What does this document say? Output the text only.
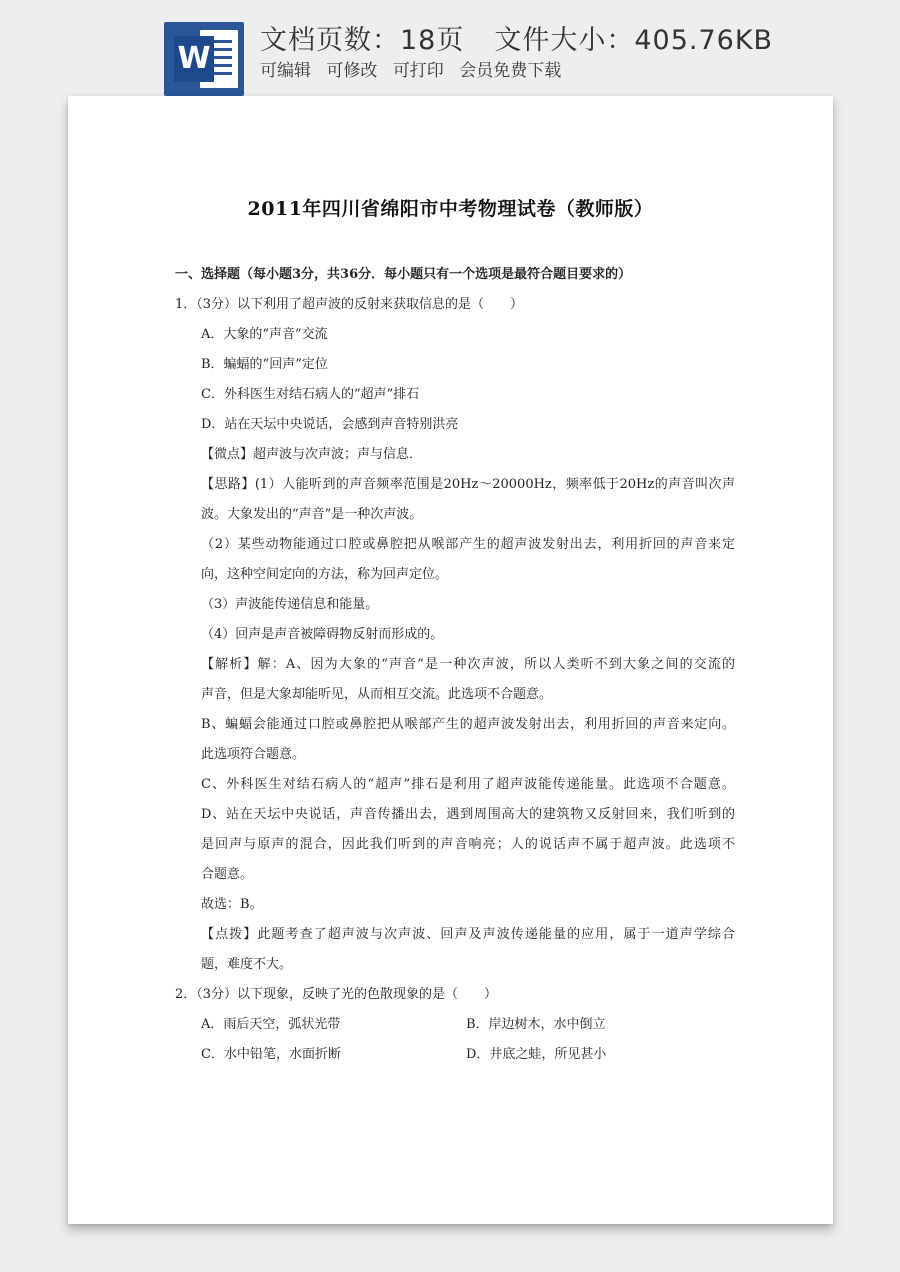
W
文档页数：18页 文件大小：405.76KB
可编辑 可修改 可打印 会员免费下载
2011年四川省绵阳市中考物理试卷（教师版）
一、选择题（每小题3分，共36分．每小题只有一个选项是最符合题目要求的）
1．（3分）以下利用了超声波的反射来获取信息的是（　　）
A．大象的“声音”交流
B．蝙蝠的“回声”定位
C．外科医生对结石病人的“超声”排石
D．站在天坛中央说话，会感到声音特别洪亮
【微点】超声波与次声波；声与信息．
【思路】(1）人能听到的声音频率范围是20Hz～20000Hz，频率低于20Hz的声音叫次声
波。大象发出的“声音”是一种次声波。
（2）某些动物能通过口腔或鼻腔把从喉部产生的超声波发射出去，利用折回的声音来定
向，这种空间定向的方法，称为回声定位。
（3）声波能传递信息和能量。
（4）回声是声音被障碍物反射而形成的。
【解析】解：A、因为大象的“声音”是一种次声波，所以人类听不到大象之间的交流的
声音，但是大象却能听见，从而相互交流。此选项不合题意。
B、蝙蝠会能通过口腔或鼻腔把从喉部产生的超声波发射出去，利用折回的声音来定向。
此选项符合题意。
C、外科医生对结石病人的“超声”排石是利用了超声波能传递能量。此选项不合题意。
D、站在天坛中央说话，声音传播出去，遇到周围高大的建筑物又反射回来，我们听到的
是回声与原声的混合，因此我们听到的声音响亮；人的说话声不属于超声波。此选项不
合题意。
故选：B。
【点拨】此题考查了超声波与次声波、回声及声波传递能量的应用，属于一道声学综合
题，难度不大。
2．（3分）以下现象，反映了光的色散现象的是（　　）
A．雨后天空，弧状光带	B．岸边树木，水中倒立
C．水中铅笔，水面折断	D．井底之蛙，所见甚小
